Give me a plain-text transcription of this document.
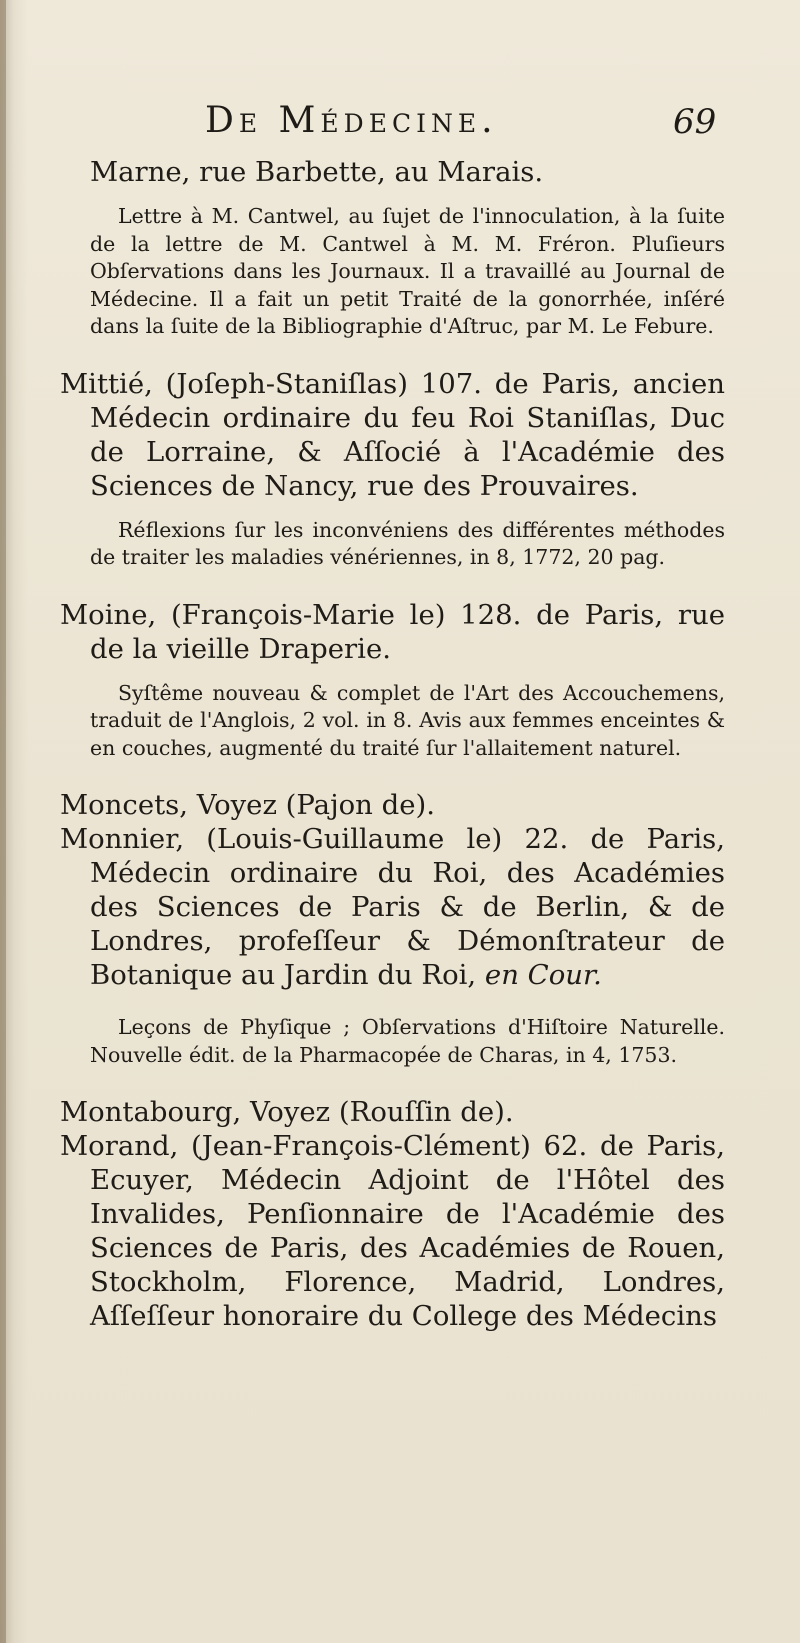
De Médecine.	69

Marne, rue Barbette, au Marais.

Lettre à M. Cantwel, au ſujet de l'innoculation, à la ſuite de la lettre de M. Cantwel à M. M. Fréron. Pluſieurs Obſervations dans les Journaux. Il a travaillé au Journal de Médecine. Il a fait un petit Traité de la gonorrhée, inſéré dans la ſuite de la Bibliographie d'Aſtruc, par M. Le Febure.

Mittié, (Joſeph-Staniſlas) 107. de Paris, ancien Médecin ordinaire du feu Roi Staniſlas, Duc de Lorraine, & Aſſocié à l'Académie des Sciences de Nancy, rue des Prouvaires.

Réflexions ſur les inconvéniens des différentes méthodes de traiter les maladies vénériennes, in 8, 1772, 20 pag.

Moine, (François-Marie le) 128. de Paris, rue de la vieille Draperie.

Syſtême nouveau & complet de l'Art des Accouchemens, traduit de l'Anglois, 2 vol. in 8. Avis aux femmes enceintes & en couches, augmenté du traité ſur l'allaitement naturel.

Moncets, Voyez (Pajon de).

Monnier, (Louis-Guillaume le) 22. de Paris, Médecin ordinaire du Roi, des Académies des Sciences de Paris & de Berlin, & de Londres, profeſſeur & Démonſtrateur de Botanique au Jardin du Roi, en Cour.

Leçons de Phyſique ; Obſervations d'Hiſtoire Naturelle. Nouvelle édit. de la Pharmacopée de Charas, in 4, 1753.

Montabourg, Voyez (Rouſſin de).

Morand, (Jean-François-Clément) 62. de Paris, Ecuyer, Médecin Adjoint de l'Hôtel des Invalides, Penſionnaire de l'Académie des Sciences de Paris, des Académies de Rouen, Stockholm, Florence, Madrid, Londres, Aſſeſſeur honoraire du College des Médecins
